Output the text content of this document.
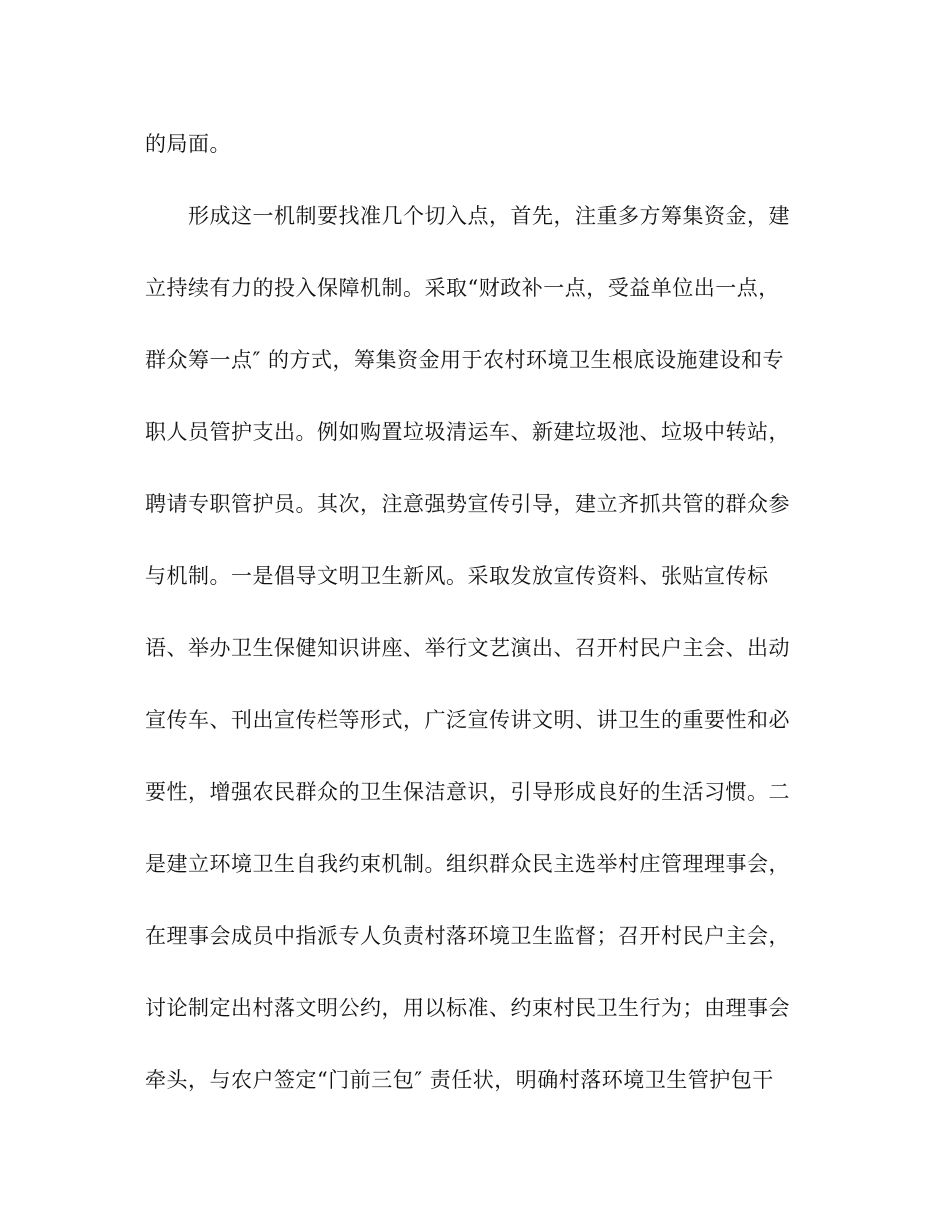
的局面。
形成这一机制要找准几个切入点，首先，注重多方筹集资金，建
立持续有力的投入保障机制。采取“财政补一点，受益单位出一点，
群众筹一点″ 的方式，筹集资金用于农村环境卫生根底设施建设和专
职人员管护支出。例如购置垃圾清运车、新建垃圾池、垃圾中转站，
聘请专职管护员。其次，注意强势宣传引导，建立齐抓共管的群众参
与机制。一是倡导文明卫生新风。采取发放宣传资料、张贴宣传标
语、举办卫生保健知识讲座、举行文艺演出、召开村民户主会、出动
宣传车、刊出宣传栏等形式，广泛宣传讲文明、讲卫生的重要性和必
要性，增强农民群众的卫生保洁意识，引导形成良好的生活习惯。二
是建立环境卫生自我约束机制。组织群众民主选举村庄管理理事会，
在理事会成员中指派专人负责村落环境卫生监督；召开村民户主会，
讨论制定出村落文明公约，用以标准、约束村民卫生行为；由理事会
牵头，与农户签定“门前三包″ 责任状，明确村落环境卫生管护包干
